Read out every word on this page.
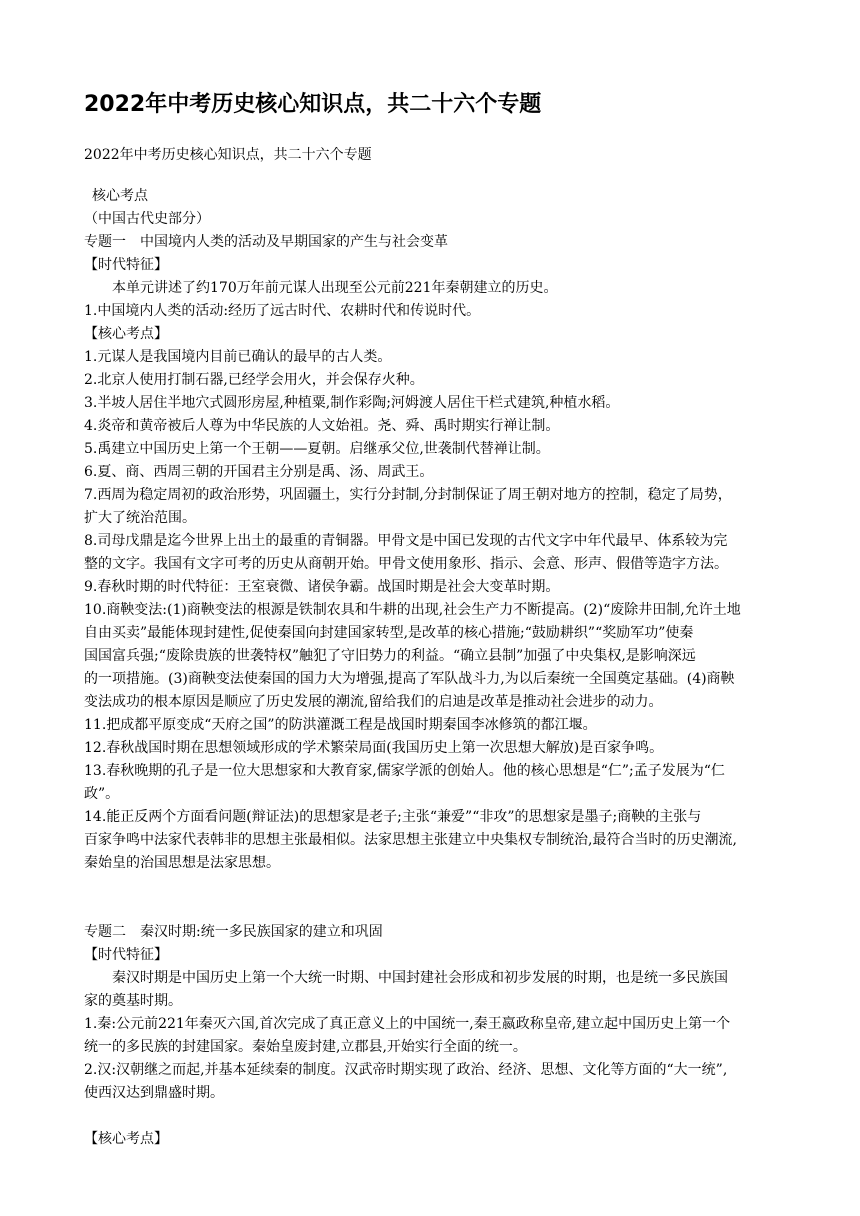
2022年中考历史核心知识点，共二十六个专题
2022年中考历史核心知识点，共二十六个专题

核心考点

（中国古代史部分）

专题一　中国境内人类的活动及早期国家的产生与社会变革

【时代特征】

本单元讲述了约170万年前元谋人出现至公元前221年秦朝建立的历史。

1.中国境内人类的活动:经历了远古时代、农耕时代和传说时代。

【核心考点】

1.元谋人是我国境内目前已确认的最早的古人类。

2.北京人使用打制石器,已经学会用火，并会保存火种。

3.半坡人居住半地穴式圆形房屋,种植粟,制作彩陶;河姆渡人居住干栏式建筑,种植水稻。

4.炎帝和黄帝被后人尊为中华民族的人文始祖。尧、舜、禹时期实行禅让制。

5.禹建立中国历史上第一个王朝——夏朝。启继承父位,世袭制代替禅让制。

6.夏、商、西周三朝的开国君主分别是禹、汤、周武王。

7.西周为稳定周初的政治形势，巩固疆土，实行分封制,分封制保证了周王朝对地方的控制，稳定了局势，

扩大了统治范围。

8.司母戊鼎是迄今世界上出土的最重的青铜器。甲骨文是中国已发现的古代文字中年代最早、体系较为完

整的文字。我国有文字可考的历史从商朝开始。甲骨文使用象形、指示、会意、形声、假借等造字方法。

9.春秋时期的时代特征：王室衰微、诸侯争霸。战国时期是社会大变革时期。

10.商鞅变法:(1)商鞅变法的根源是铁制农具和牛耕的出现,社会生产力不断提高。(2)“废除井田制,允许土地

自由买卖”最能体现封建性,促使秦国向封建国家转型,是改革的核心措施;“鼓励耕织”“奖励军功”使秦

国国富兵强;“废除贵族的世袭特权”触犯了守旧势力的利益。“确立县制”加强了中央集权,是影响深远

的一项措施。(3)商鞅变法使秦国的国力大为增强,提高了军队战斗力,为以后秦统一全国奠定基础。(4)商鞅

变法成功的根本原因是顺应了历史发展的潮流,留给我们的启迪是改革是推动社会进步的动力。

11.把成都平原变成“天府之国”的防洪灌溉工程是战国时期秦国李冰修筑的都江堰。

12.春秋战国时期在思想领域形成的学术繁荣局面(我国历史上第一次思想大解放)是百家争鸣。

13.春秋晚期的孔子是一位大思想家和大教育家,儒家学派的创始人。他的核心思想是“仁”;孟子发展为“仁

政”。

14.能正反两个方面看问题(辩证法)的思想家是老子;主张“兼爱”“非攻”的思想家是墨子;商鞅的主张与

百家争鸣中法家代表韩非的思想主张最相似。法家思想主张建立中央集权专制统治,最符合当时的历史潮流,

秦始皇的治国思想是法家思想。

专题二　秦汉时期:统一多民族国家的建立和巩固

【时代特征】

秦汉时期是中国历史上第一个大统一时期、中国封建社会形成和初步发展的时期，也是统一多民族国

家的奠基时期。

1.秦:公元前221年秦灭六国,首次完成了真正意义上的中国统一,秦王嬴政称皇帝,建立起中国历史上第一个

统一的多民族的封建国家。秦始皇废封建,立郡县,开始实行全面的统一。

2.汉:汉朝继之而起,并基本延续秦的制度。汉武帝时期实现了政治、经济、思想、文化等方面的“大一统”,

使西汉达到鼎盛时期。

【核心考点】
